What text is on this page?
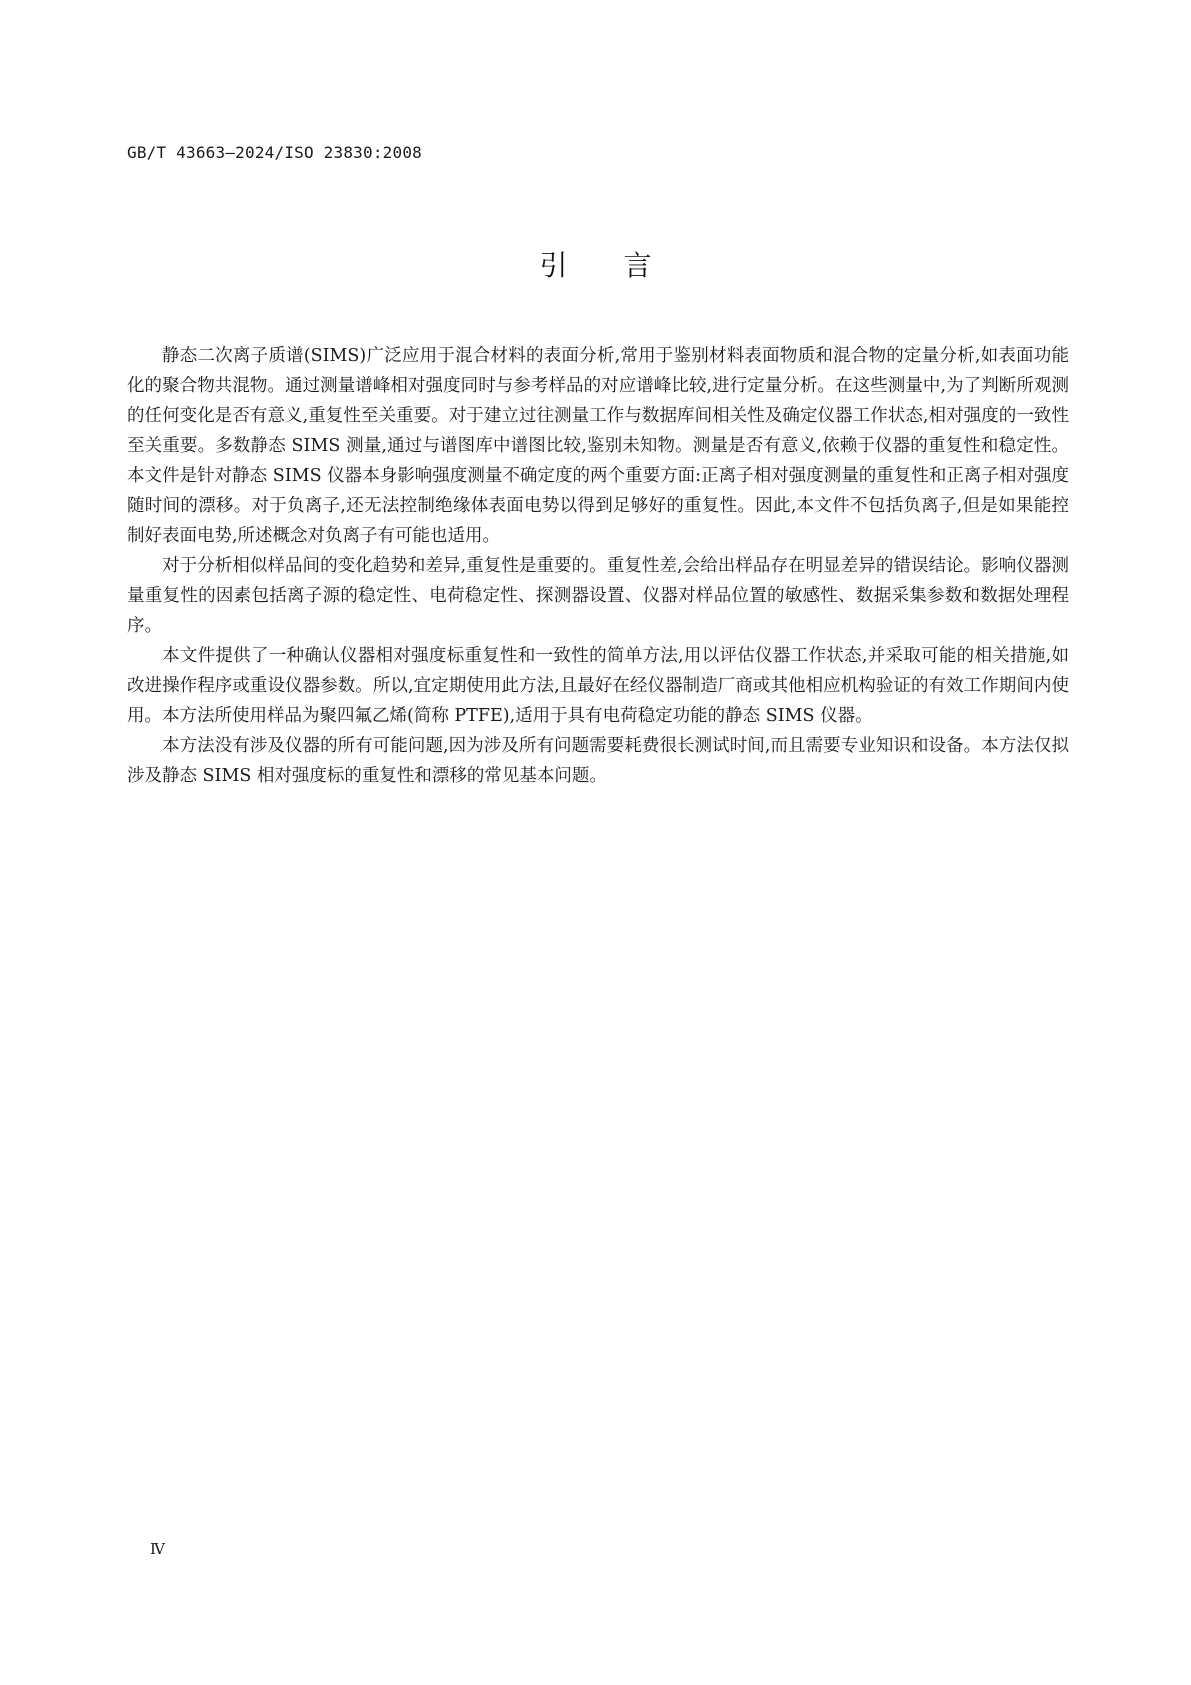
GB/T 43663—2024/ISO 23830:2008
引言

静态二次离子质谱(SIMS)广泛应用于混合材料的表面分析,常用于鉴别材料表面物质和混合物的定量分析,如表面功能化的聚合物共混物。通过测量谱峰相对强度同时与参考样品的对应谱峰比较,进行定量分析。在这些测量中,为了判断所观测的任何变化是否有意义,重复性至关重要。对于建立过往测量工作与数据库间相关性及确定仪器工作状态,相对强度的一致性至关重要。多数静态 SIMS 测量,通过与谱图库中谱图比较,鉴别未知物。测量是否有意义,依赖于仪器的重复性和稳定性。本文件是针对静态 SIMS 仪器本身影响强度测量不确定度的两个重要方面:正离子相对强度测量的重复性和正离子相对强度随时间的漂移。对于负离子,还无法控制绝缘体表面电势以得到足够好的重复性。因此,本文件不包括负离子,但是如果能控制好表面电势,所述概念对负离子有可能也适用。

对于分析相似样品间的变化趋势和差异,重复性是重要的。重复性差,会给出样品存在明显差异的错误结论。影响仪器测量重复性的因素包括离子源的稳定性、电荷稳定性、探测器设置、仪器对样品位置的敏感性、数据采集参数和数据处理程序。

本文件提供了一种确认仪器相对强度标重复性和一致性的简单方法,用以评估仪器工作状态,并采取可能的相关措施,如改进操作程序或重设仪器参数。所以,宜定期使用此方法,且最好在经仪器制造厂商或其他相应机构验证的有效工作期间内使用。本方法所使用样品为聚四氟乙烯(简称 PTFE),适用于具有电荷稳定功能的静态 SIMS 仪器。

本方法没有涉及仪器的所有可能问题,因为涉及所有问题需要耗费很长测试时间,而且需要专业知识和设备。本方法仅拟涉及静态 SIMS 相对强度标的重复性和漂移的常见基本问题。

Ⅳ
